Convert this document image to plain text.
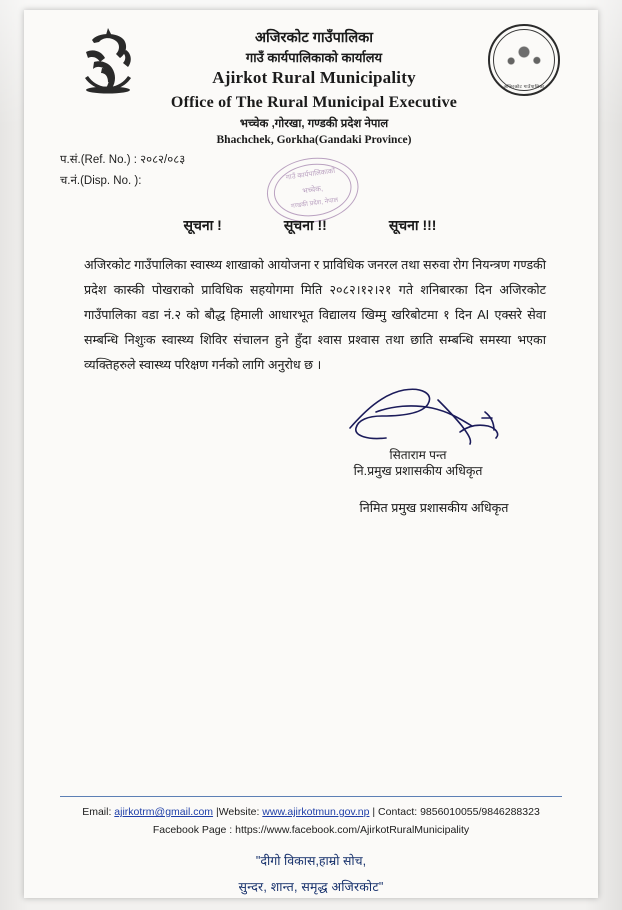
अजिरकोट गाउँपालिका
गाउँ कार्यपालिकाको कार्यालय
Ajirkot Rural Municipality
Office of The Rural Municipal Executive
भच्चेक ,गोरखा, गण्डकी प्रदेश नेपाल
Bhachchek, Gorkha(Gandaki Province)
अजिरकोट गाउँपालिका
प.सं.(Ref. No.) : २०८२/०८३
च.नं.(Disp. No. ):	गाउँ कार्यपालिकाको
भच्चेक,
गण्डकी प्रदेश, नेपाल
सूचना !	सूचना !!	सूचना !!!

अजिरकोट गाउँपालिका स्वास्थ्य शाखाको आयोजना र प्राविधिक जनरल तथा सरुवा रोग नियन्त्रण गण्डकी प्रदेश कास्की पोखराको प्राविधिक सहयोगमा मिति २०८२।१२।२१ गते शनिबारका दिन अजिरकोट गाउँपालिका वडा नं.२ को बौद्ध हिमाली आधारभूत विद्यालय खिम्मु खरिबोटमा १ दिन AI एक्सरे सेवा सम्बन्धि निशुःक स्वास्थ्य शिविर संचालन हुने हुँदा श्वास प्रश्वास तथा छाति सम्बन्धि समस्या भएका व्यक्तिहरुले स्वास्थ्य परिक्षण गर्नको लागि अनुरोध छ ।

सिताराम पन्त
नि.प्रमुख प्रशासकीय अधिकृत
निमित प्रमुख प्रशासकीय अधिकृत
Email: ajirkotrm@gmail.com |Website: www.ajirkotmun.gov.np | Contact: 9856010055/9846288323
Facebook Page : https://www.facebook.com/AjirkotRuralMunicipality
"दीगो विकास,हाम्रो सोच,
सुन्दर, शान्त, समृद्ध अजिरकोट"
